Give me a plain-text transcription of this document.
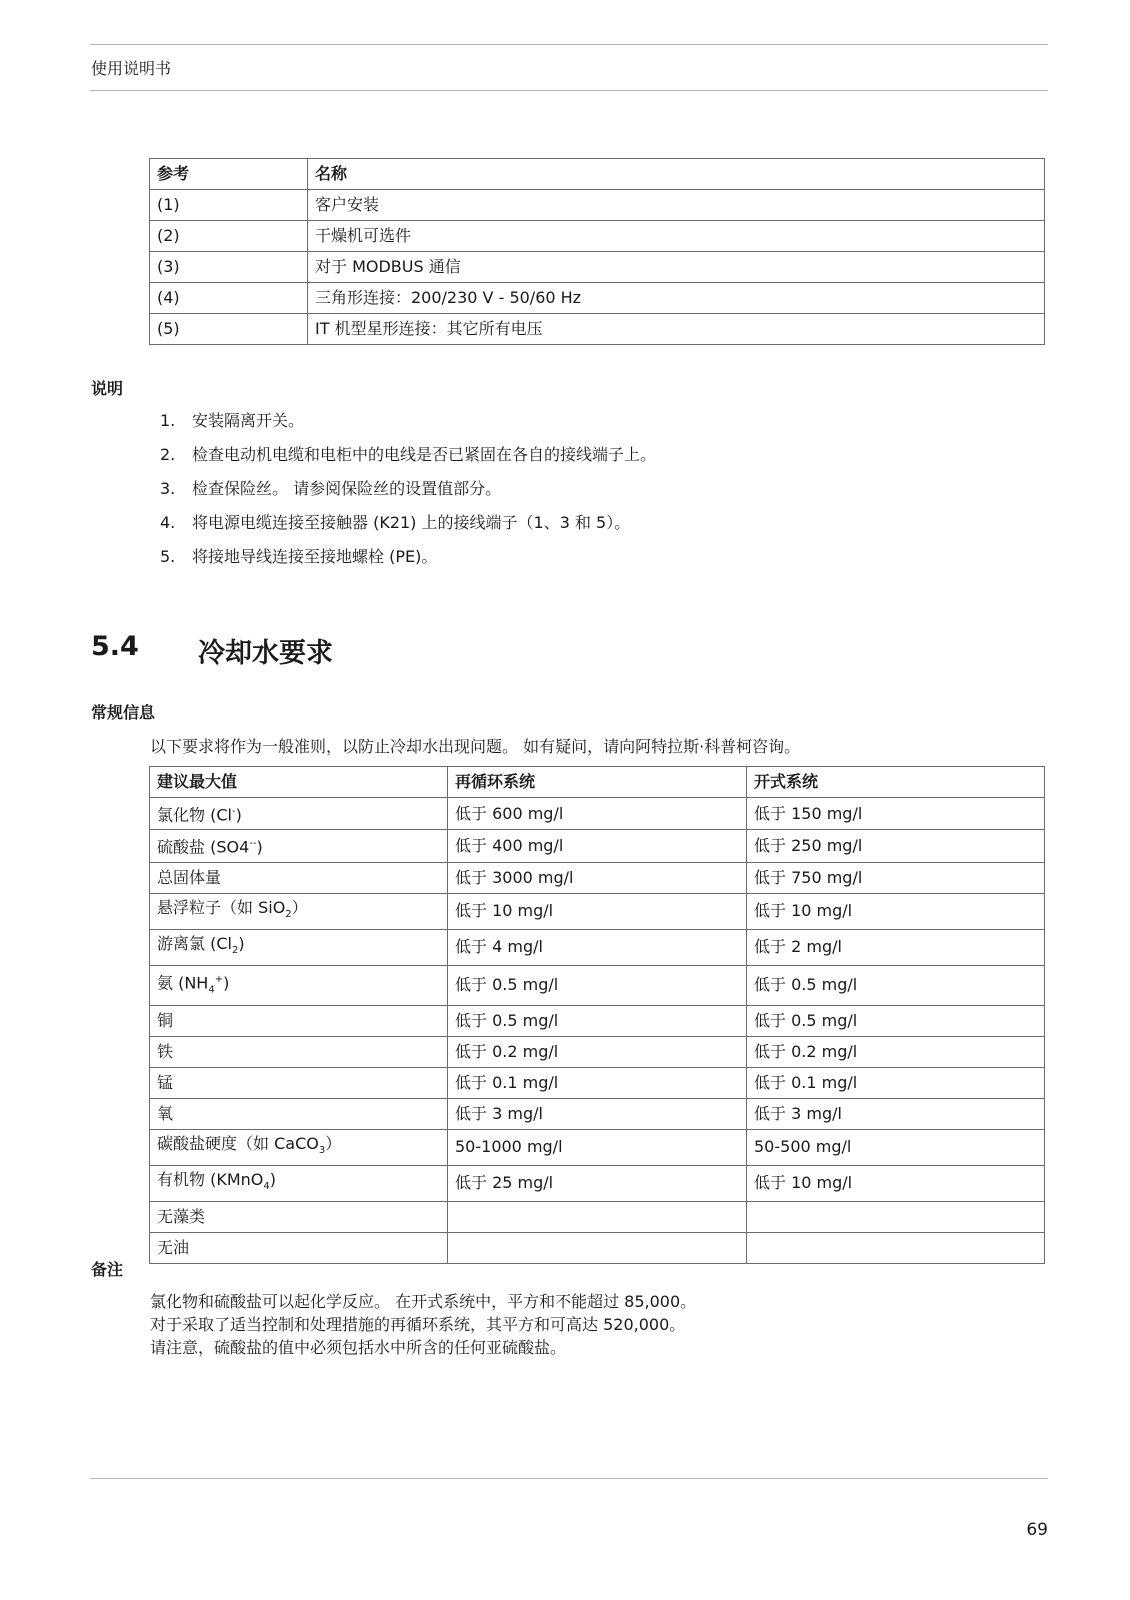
使用说明书
参考	名称
(1)	客户安装
(2)	干燥机可选件
(3)	对于 MODBUS 通信
(4)	三角形连接：200/230 V - 50/60 Hz
(5)	IT 机型星形连接：其它所有电压
说明
1. 安装隔离开关。
2. 检查电动机电缆和电柜中的电线是否已紧固在各自的接线端子上。
3. 检查保险丝。 请参阅保险丝的设置值部分。
4. 将电源电缆连接至接触器 (K21) 上的接线端子（1、3 和 5）。
5. 将接地导线连接至接地螺栓 (PE)。
5.4 冷却水要求
常规信息
以下要求将作为一般准则，以防止冷却水出现问题。 如有疑问，请向阿特拉斯·科普柯咨询。
建议最大值	再循环系统	开式系统
氯化物 (Cl-)	低于 600 mg/l	低于 150 mg/l
硫酸盐 (SO4--)	低于 400 mg/l	低于 250 mg/l
总固体量	低于 3000 mg/l	低于 750 mg/l
悬浮粒子（如 SiO$_2$）	低于 10 mg/l	低于 10 mg/l
游离氯 $(Cl_2)$	低于 4 mg/l	低于 2 mg/l
氨 $(NH_4^+)$	低于 0.5 mg/l	低于 0.5 mg/l
铜	低于 0.5 mg/l	低于 0.5 mg/l
铁	低于 0.2 mg/l	低于 0.2 mg/l
锰	低于 0.1 mg/l	低于 0.1 mg/l
氧	低于 3 mg/l	低于 3 mg/l
碳酸盐硬度（如 CaCO$_3$）	50-1000 mg/l	50-500 mg/l
有机物 (KMnO$_4$)	低于 25 mg/l	低于 10 mg/l
无藻类		
无油		
备注
氯化物和硫酸盐可以起化学反应。 在开式系统中，平方和不能超过 85,000。
对于采取了适当控制和处理措施的再循环系统，其平方和可高达 520,000。
请注意，硫酸盐的值中必须包括水中所含的任何亚硫酸盐。
69
